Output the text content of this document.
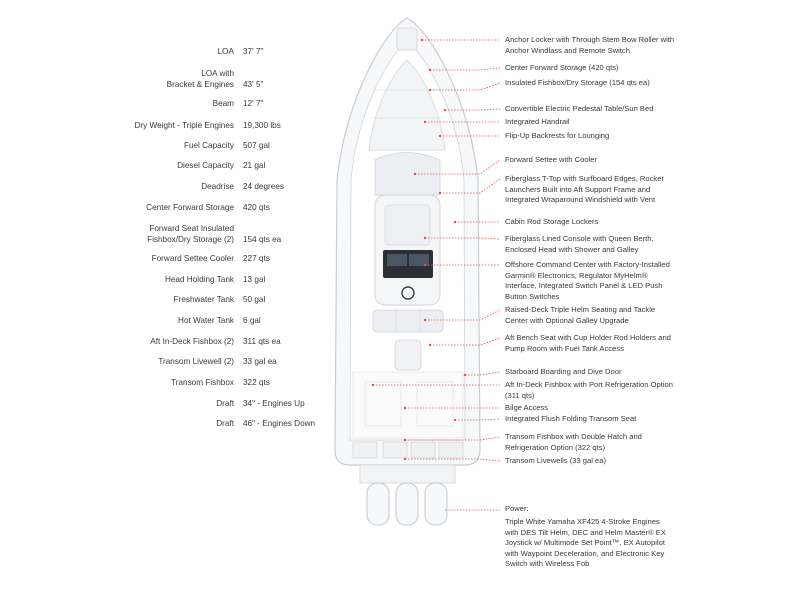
LOA 37' 7"
LOA with
Bracket & Engines 43' 5"
Beam 12' 7"
Dry Weight - Triple Engines 19,300 lbs
Fuel Capacity 507 gal
Diesel Capacity 21 gal
Deadrise 24 degrees
Center Forward Storage 420 qts
Forward Seat Insulated
Fishbox/Dry Storage (2) 154 qts ea
Forward Settee Cooler 227 qts
Head Holding Tank 13 gal
Freshwater Tank 50 gal
Hot Water Tank 6 gal
Aft In-Deck Fishbox (2) 311 qts ea
Transom Livewell (2) 33 gal ea
Transom Fishbox 322 qts
Draft 34" - Engines Up
Draft 46" - Engines Down
Power:
Triple White Yamaha XF425 4-Stroke Engines with DES Tilt Helm, DEC and Helm Master® EX Joystick w/ Multimode Set Point™, EX Autopilot with Waypoint Deceleration, and Electronic Key Switch with Wireless Fob
Anchor Locker with Through Stem Bow Roller with Anchor Windlass and Remote Switch
Center Forward Storage (420 qts)
Insulated Fishbox/Dry Storage (154 qts ea)
Convertible Electric Pedestal Table/Sun Bed
Integrated Handrail
Flip-Up Backrests for Lounging
Forward Settee with Cooler
Fiberglass T-Top with Surfboard Edges, Rocket Launchers Built into Aft Support Frame and Integrated Wraparound Windshield with Vent
Cabin Rod Storage Lockers
Fiberglass Lined Console with Queen Berth, Enclosed Head with Shower and Galley
Offshore Command Center with Factory-Installed Garmin® Electronics, Regulator MyHelm® Interface, Integrated Switch Panel & LED Push Button Switches
Raised-Deck Triple Helm Seating and Tackle Center with Optional Galley Upgrade
Aft Bench Seat with Cup Holder Rod Holders and Pump Room with Fuel Tank Access
Starboard Boarding and Dive Door
Aft In-Deck Fishbox with Port Refrigeration Option (311 qts)
Bilge Access
Integrated Flush Folding Transom Seat
Transom Fishbox with Double Hatch and Refrigeration Option (322 qts)
Transom Livewells (33 gal ea)
